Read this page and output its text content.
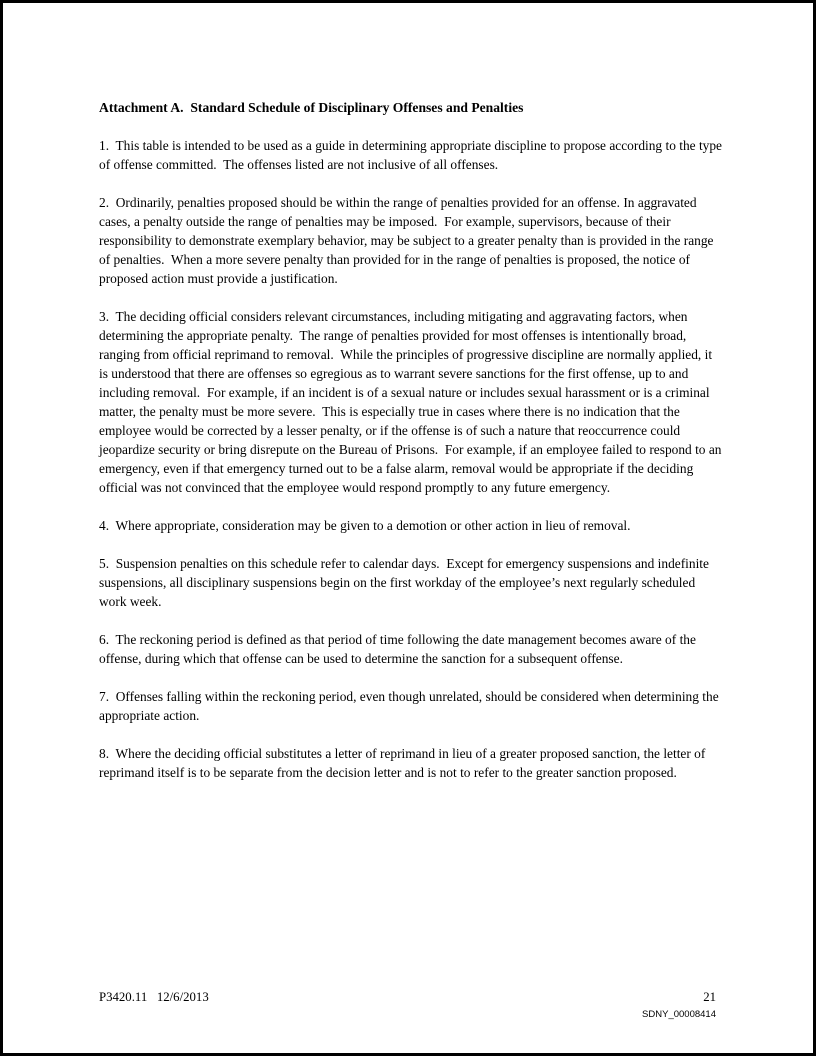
Attachment A.  Standard Schedule of Disciplinary Offenses and Penalties
1.  This table is intended to be used as a guide in determining appropriate discipline to propose according to the type of offense committed.  The offenses listed are not inclusive of all offenses.
2.  Ordinarily, penalties proposed should be within the range of penalties provided for an offense. In aggravated cases, a penalty outside the range of penalties may be imposed.  For example, supervisors, because of their responsibility to demonstrate exemplary behavior, may be subject to a greater penalty than is provided in the range of penalties.  When a more severe penalty than provided for in the range of penalties is proposed, the notice of proposed action must provide a justification.
3.  The deciding official considers relevant circumstances, including mitigating and aggravating factors, when determining the appropriate penalty.  The range of penalties provided for most offenses is intentionally broad, ranging from official reprimand to removal.  While the principles of progressive discipline are normally applied, it is understood that there are offenses so egregious as to warrant severe sanctions for the first offense, up to and including removal.  For example, if an incident is of a sexual nature or includes sexual harassment or is a criminal matter, the penalty must be more severe.  This is especially true in cases where there is no indication that the employee would be corrected by a lesser penalty, or if the offense is of such a nature that reoccurrence could jeopardize security or bring disrepute on the Bureau of Prisons.  For example, if an employee failed to respond to an emergency, even if that emergency turned out to be a false alarm, removal would be appropriate if the deciding official was not convinced that the employee would respond promptly to any future emergency.
4.  Where appropriate, consideration may be given to a demotion or other action in lieu of removal.
5.  Suspension penalties on this schedule refer to calendar days.  Except for emergency suspensions and indefinite suspensions, all disciplinary suspensions begin on the first workday of the employee’s next regularly scheduled work week.
6.  The reckoning period is defined as that period of time following the date management becomes aware of the offense, during which that offense can be used to determine the sanction for a subsequent offense.
7.  Offenses falling within the reckoning period, even though unrelated, should be considered when determining the appropriate action.
8.  Where the deciding official substitutes a letter of reprimand in lieu of a greater proposed sanction, the letter of reprimand itself is to be separate from the decision letter and is not to refer to the greater sanction proposed.
P3420.11   12/6/2013	21
SDNY_00008414
